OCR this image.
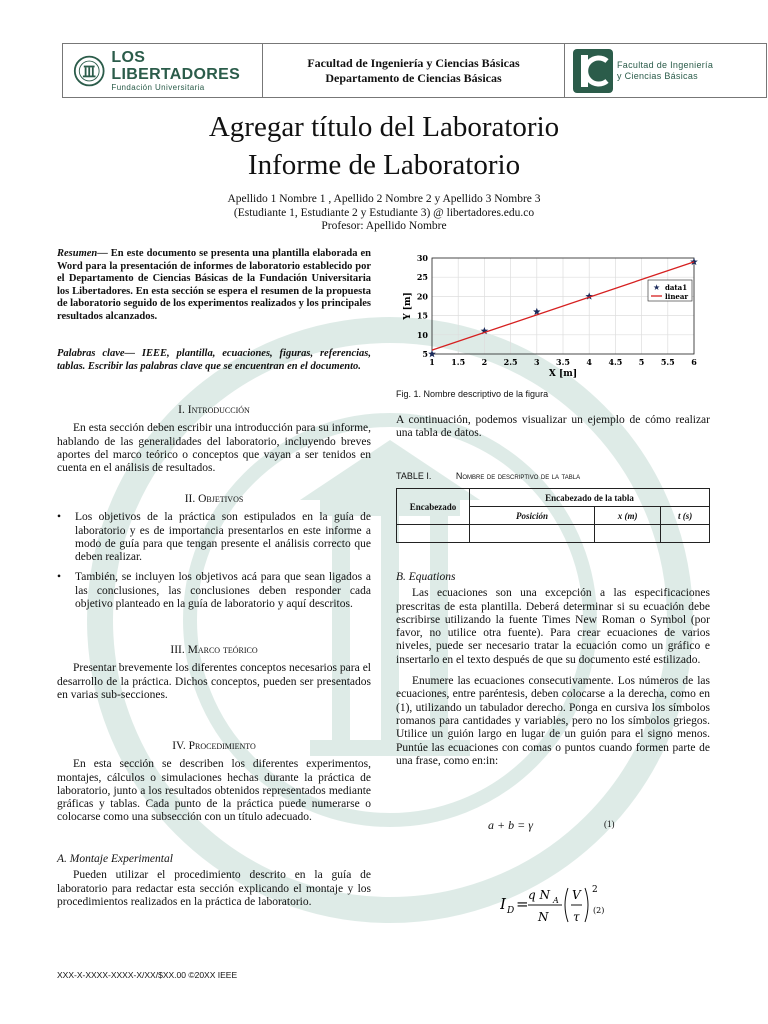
LOS LIBERTADORES
Fundación Universitaria
Facultad de Ingeniería y Ciencias Básicas
Departamento de Ciencias Básicas
Facultad de Ingeniería
y Ciencias Básicas
Agregar título del Laboratorio
Informe de Laboratorio
Apellido 1 Nombre 1 , Apellido 2 Nombre 2 y Apellido 3 Nombre 3
(Estudiante 1, Estudiante 2 y Estudiante 3) @ libertadores.edu.co
Profesor: Apellido Nombre

Resumen— En este documento se presenta una plantilla elaborada en Word para la presentación de informes de laboratorio establecido por el Departamento de Ciencias Básicas de la Fundación Universitaria los Libertadores. En esta sección se espera el resumen de la propuesta de laboratorio seguido de los experimentos realizados y los principales resultados alcanzados.

Palabras clave— IEEE, plantilla, ecuaciones, figuras, referencias, tablas. Escribir las palabras clave que se encuentran en el documento.

I. Introducción

En esta sección deben escribir una introducción para su informe, hablando de las generalidades del laboratorio, incluyendo breves aportes del marco teórico o conceptos que vayan a ser tenidos en cuenta en el análisis de resultados.

II. Objetivos

• Los objetivos de la práctica son estipulados en la guía de laboratorio y es de importancia presentarlos en este informe a modo de guía para que tengan presente el análisis correcto que deben realizar.
• También, se incluyen los objetivos acá para que sean ligados a las conclusiones, las conclusiones deben responder cada objetivo planteado en la guía de laboratorio y aquí descritos.

III. Marco teórico

Presentar brevemente los diferentes conceptos necesarios para el desarrollo de la práctica. Dichos conceptos, pueden ser presentados en varias sub-secciones.

IV. Procedimiento

En esta sección se describen los diferentes experimentos, montajes, cálculos o simulaciones hechas durante la práctica de laboratorio, junto a los resultados obtenidos representados mediante gráficas y tablas. Cada punto de la práctica puede numerarse o colocarse como una subsección con un título adecuado.

A. Montaje Experimental

Pueden utilizar el procedimiento descrito en la guía de laboratorio para redactar esta sección explicando el montaje y los procedimientos realizados en la práctica de laboratorio.

1 1.5 2 2.5 3 3.5 4 4.5 5 5.5 6
5
10
15
20
25
30
X [m]
Y [m]
★ data1
linear
Fig. 1. Nombre descriptivo de la figura

A continuación, podemos visualizar un ejemplo de cómo realizar una tabla de datos.

TABLE I.	Nombre de descriptivo de la tabla
Encabezado	Encabezado de la tabla		
	Posición	x (m)	t (s)

B. Equations

Las ecuaciones son una excepción a las especificaciones prescritas de esta plantilla. Deberá determinar si su ecuación debe escribirse utilizando la fuente Times New Roman o Symbol (por favor, no utilice otra fuente). Para crear ecuaciones de varios niveles, puede ser necesario tratar la ecuación como un gráfico e insertarlo en el texto después de que su documento esté estilizado.

Enumere las ecuaciones consecutivamente. Los números de las ecuaciones, entre paréntesis, deben colocarse a la derecha, como en (1), utilizando un tabulador derecho. Ponga en cursiva los símbolos romanos para cantidades y variables, pero no los símbolos griegos. Utilice un guión largo en lugar de un guión para el signo menos. Puntúe las ecuaciones con comas o puntos cuando formen parte de una frase, como en:in:

a + b = γ	(1)
I D = q N A
N
V
τ
2
(2)
XXX-X-XXXX-XXXX-X/XX/$XX.00 ©20XX IEEE
